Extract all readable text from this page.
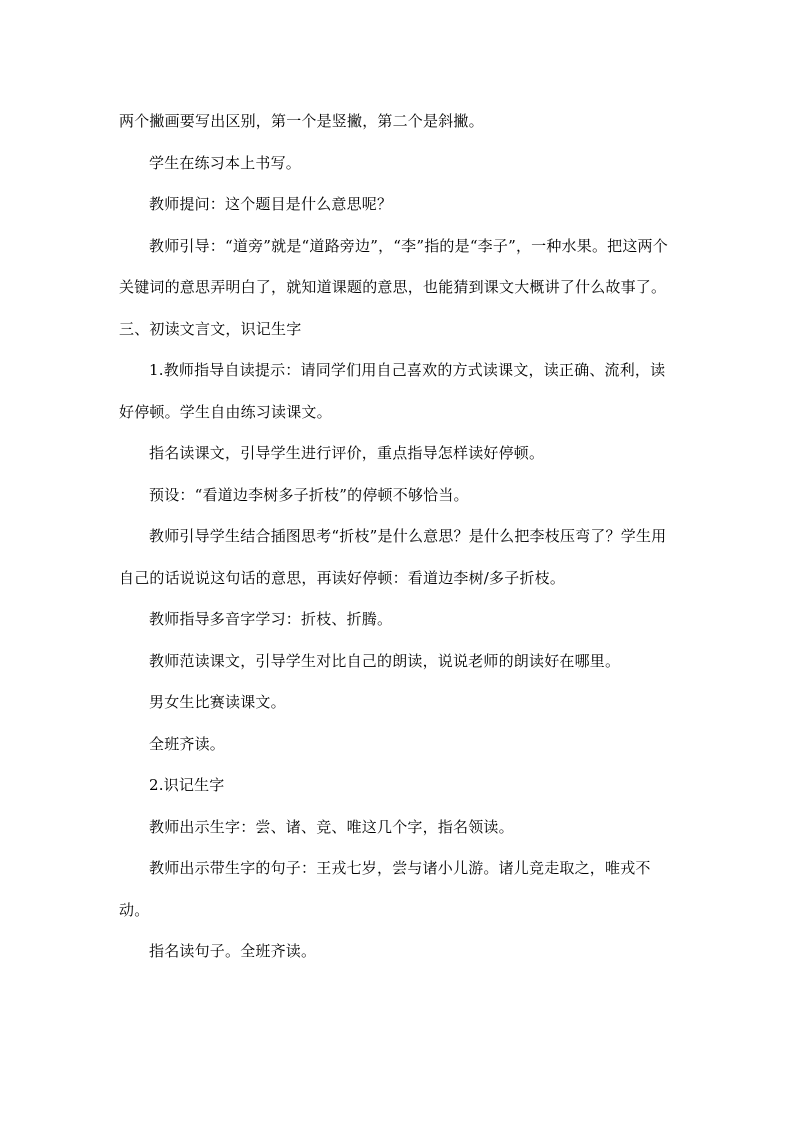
两个撇画要写出区别，第一个是竖撇，第二个是斜撇。

学生在练习本上书写。

教师提问：这个题目是什么意思呢？

教师引导：“道旁”就是“道路旁边”，“李”指的是“李子”，一种水果。把这两个关键词的意思弄明白了，就知道课题的意思，也能猜到课文大概讲了什么故事了。

三、初读文言文，识记生字

1.教师指导自读提示：请同学们用自己喜欢的方式读课文，读正确、流利，读好停顿。学生自由练习读课文。

指名读课文，引导学生进行评价，重点指导怎样读好停顿。

预设：“看道边李树多子折枝”的停顿不够恰当。

教师引导学生结合插图思考“折枝”是什么意思？是什么把李枝压弯了？学生用自己的话说说这句话的意思，再读好停顿：看道边李树/多子折枝。

教师指导多音字学习：折枝、折腾。

教师范读课文，引导学生对比自己的朗读，说说老师的朗读好在哪里。

男女生比赛读课文。

全班齐读。

2.识记生字

教师出示生字：尝、诸、竞、唯这几个字，指名领读。

教师出示带生字的句子：王戎七岁，尝与诸小儿游。诸儿竞走取之，唯戎不动。

指名读句子。全班齐读。
